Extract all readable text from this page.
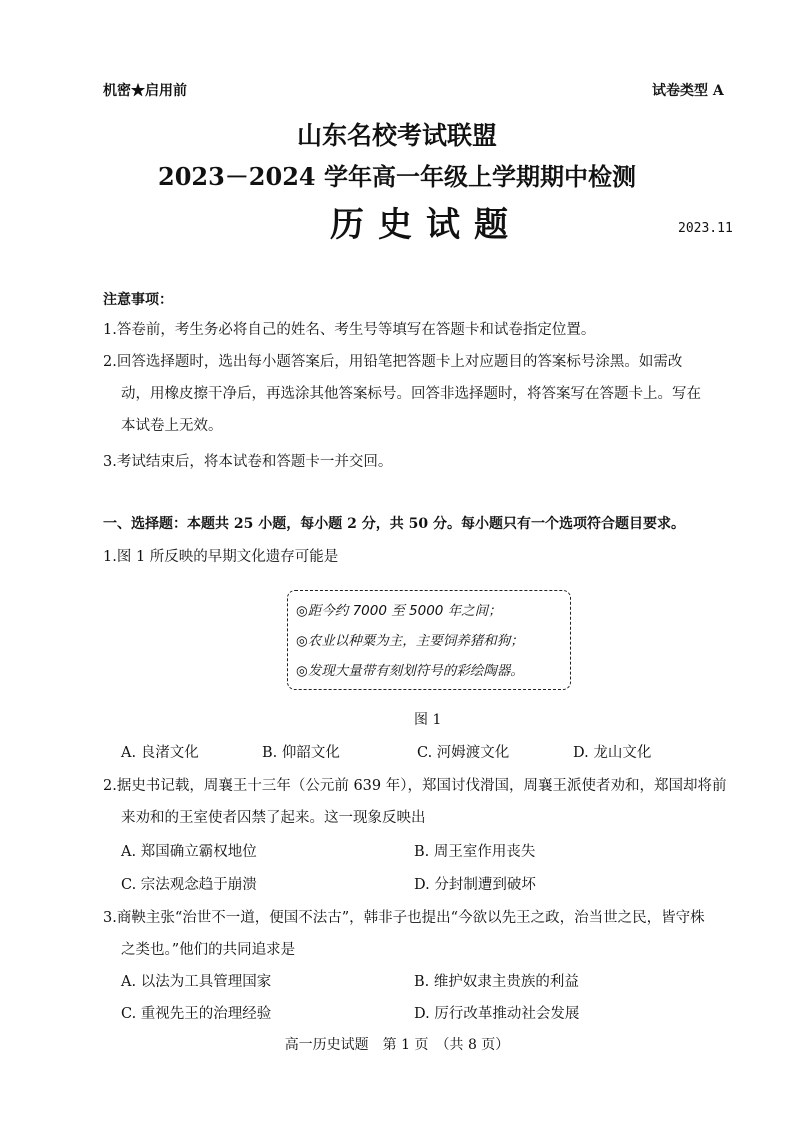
机密★启用前	试卷类型 A
山东名校考试联盟
2023－2024 学年高一年级上学期期中检测
历史试题	2023.11
注意事项：
1.答卷前，考生务必将自己的姓名、考生号等填写在答题卡和试卷指定位置。
2.回答选择题时，选出每小题答案后，用铅笔把答题卡上对应题目的答案标号涂黑。如需改
动，用橡皮擦干净后，再选涂其他答案标号。回答非选择题时，将答案写在答题卡上。写在
本试卷上无效。
3.考试结束后，将本试卷和答题卡一并交回。
一、选择题：本题共 25 小题，每小题 2 分，共 50 分。每小题只有一个选项符合题目要求。
1.图 1 所反映的早期文化遗存可能是
◎距今约 7000 至 5000 年之间；
◎农业以种粟为主，主要饲养猪和狗；
◎发现大量带有刻划符号的彩绘陶器。
图 1
A. 良渚文化	B. 仰韶文化	C. 河姆渡文化	D. 龙山文化
2.据史书记载，周襄王十三年（公元前 639 年），郑国讨伐滑国，周襄王派使者劝和，郑国却将前
来劝和的王室使者囚禁了起来。这一现象反映出
A. 郑国确立霸权地位	B. 周王室作用丧失
C. 宗法观念趋于崩溃	D. 分封制遭到破坏
3.商鞅主张“治世不一道，便国不法古”，韩非子也提出“今欲以先王之政，治当世之民，皆守株
之类也。”他们的共同追求是
A. 以法为工具管理国家	B. 维护奴隶主贵族的利益
C. 重视先王的治理经验	D. 厉行改革推动社会发展
高一历史试题　第 1 页　（共 8 页）
